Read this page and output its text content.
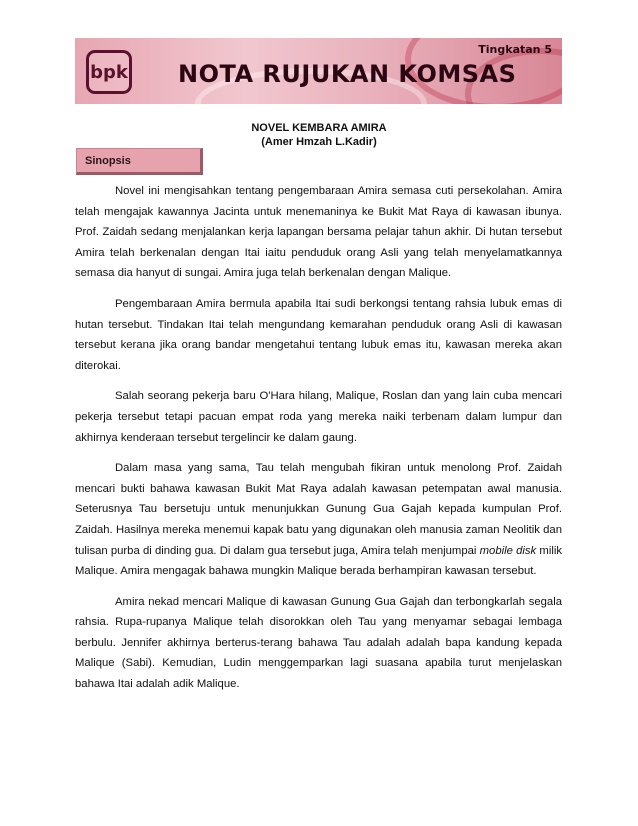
bpk NOTA RUJUKAN KOMSAS
Tingkatan 5
NOVEL KEMBARA AMIRA
(Amer Hmzah L.Kadir)
Sinopsis

Novel ini mengisahkan tentang pengembaraan Amira semasa cuti persekolahan. Amira telah mengajak kawannya Jacinta untuk menemaninya ke Bukit Mat Raya di kawasan ibunya. Prof. Zaidah sedang menjalankan kerja lapangan bersama pelajar tahun akhir. Di hutan tersebut Amira telah berkenalan dengan Itai iaitu penduduk orang Asli yang telah menyelamatkannya semasa dia hanyut di sungai. Amira juga telah berkenalan dengan Malique.

Pengembaraan Amira bermula apabila Itai sudi berkongsi tentang rahsia lubuk emas di hutan tersebut. Tindakan Itai telah mengundang kemarahan penduduk orang Asli di kawasan tersebut kerana jika orang bandar mengetahui tentang lubuk emas itu, kawasan mereka akan diterokai.

Salah seorang pekerja baru O'Hara hilang, Malique, Roslan dan yang lain cuba mencari pekerja tersebut tetapi pacuan empat roda yang mereka naiki terbenam dalam lumpur dan akhirnya kenderaan tersebut tergelincir ke dalam gaung.

Dalam masa yang sama, Tau telah mengubah fikiran untuk menolong Prof. Zaidah mencari bukti bahawa kawasan Bukit Mat Raya adalah kawasan petempatan awal manusia. Seterusnya Tau bersetuju untuk menunjukkan Gunung Gua Gajah kepada kumpulan Prof. Zaidah. Hasilnya mereka menemui kapak batu yang digunakan oleh manusia zaman Neolitik dan tulisan purba di dinding gua. Di dalam gua tersebut juga, Amira telah menjumpai mobile disk milik Malique. Amira mengagak bahawa mungkin Malique berada berhampiran kawasan tersebut.

Amira nekad mencari Malique di kawasan Gunung Gua Gajah dan terbongkarlah segala rahsia. Rupa-rupanya Malique telah disorokkan oleh Tau yang menyamar sebagai lembaga berbulu. Jennifer akhirnya berterus-terang bahawa Tau adalah adalah bapa kandung kepada Malique (Sabi). Kemudian, Ludin menggemparkan lagi suasana apabila turut menjelaskan bahawa Itai adalah adik Malique.
